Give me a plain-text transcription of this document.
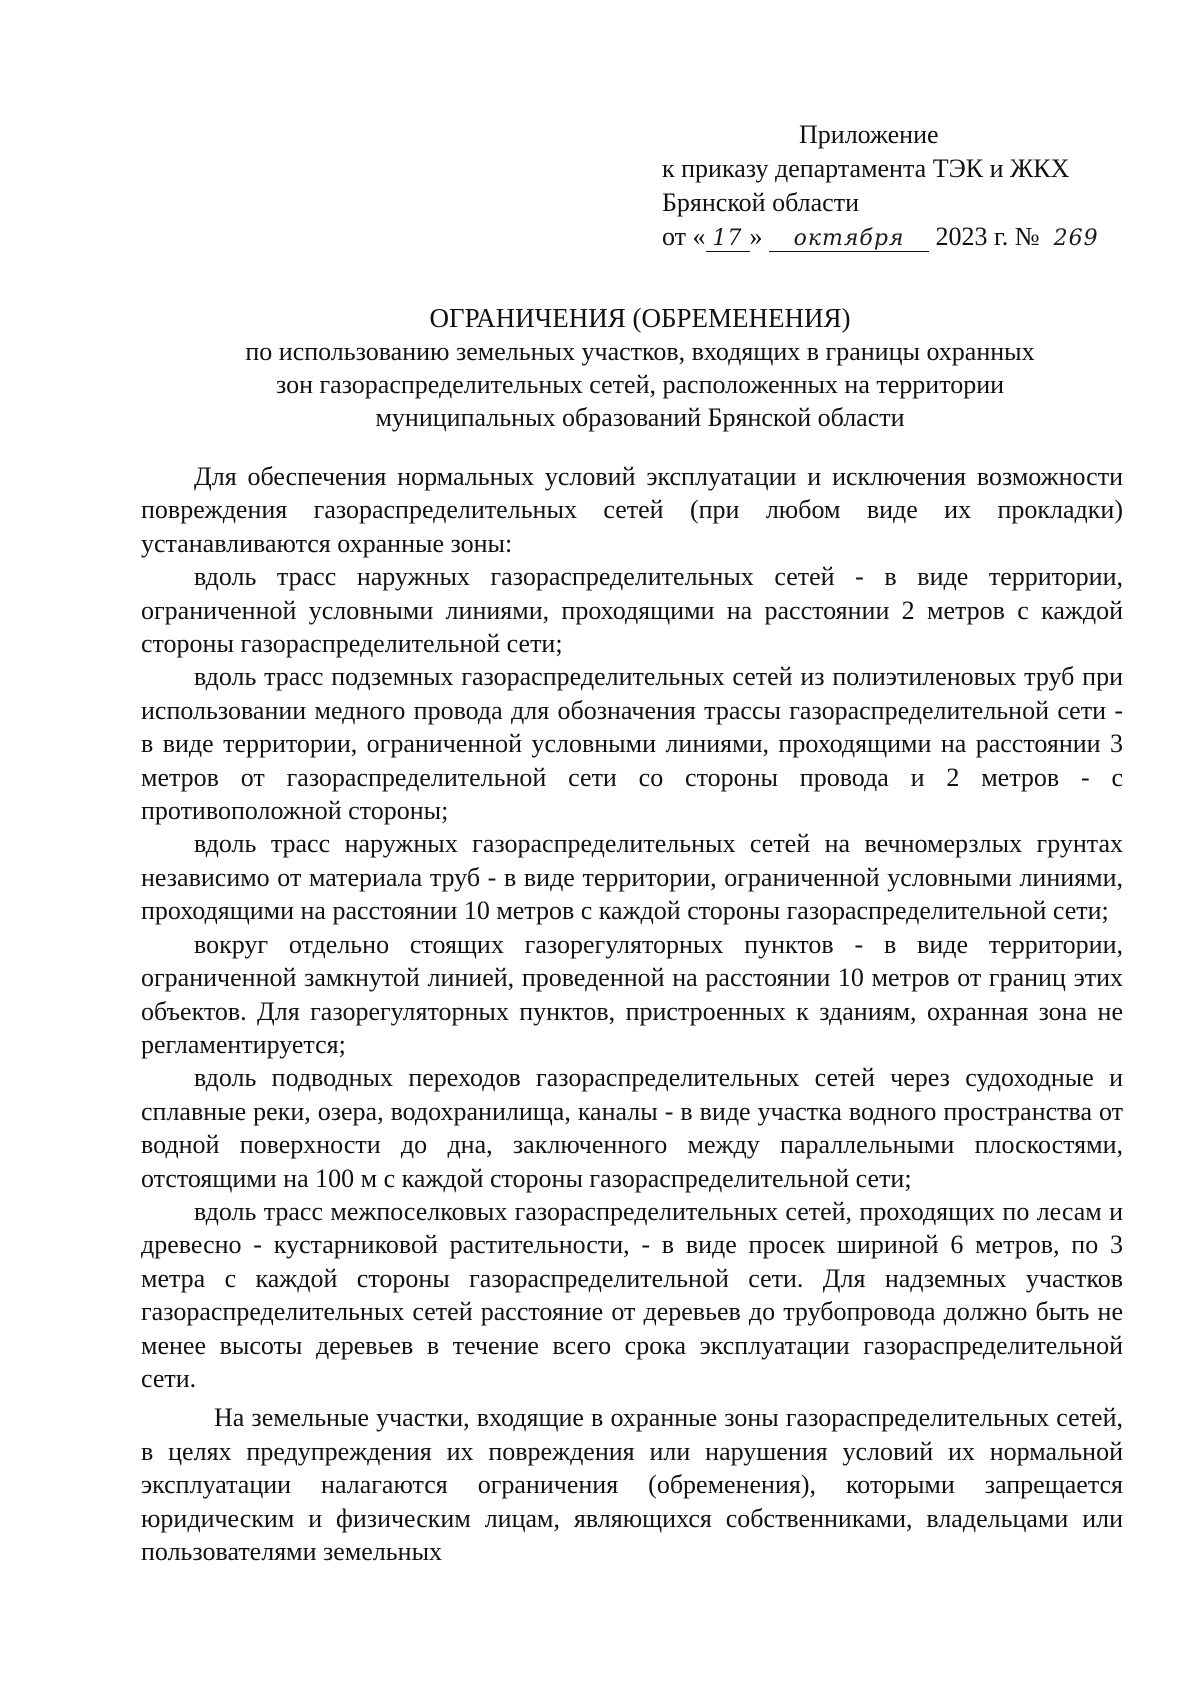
Приложение
к приказу департамента ТЭК и ЖКХ
Брянской области
от « 17 » октября 2023 г. № 269
ОГРАНИЧЕНИЯ (ОБРЕМЕНЕНИЯ)
по использованию земельных участков, входящих в границы охранных
зон газораспределительных сетей, расположенных на территории
муниципальных образований Брянской области

Для обеспечения нормальных условий эксплуатации и исключения возможности повреждения газораспределительных сетей (при любом виде их прокладки) устанавливаются охранные зоны:

вдоль трасс наружных газораспределительных сетей - в виде территории, ограниченной условными линиями, проходящими на расстоянии 2 метров с каждой стороны газораспределительной сети;

вдоль трасс подземных газораспределительных сетей из полиэтиленовых труб при использовании медного провода для обозначения трассы газораспределительной сети - в виде территории, ограниченной условными линиями, проходящими на расстоянии 3 метров от газораспределительной сети со стороны провода и 2 метров - с противоположной стороны;

вдоль трасс наружных газораспределительных сетей на вечномерзлых грунтах независимо от материала труб - в виде территории, ограниченной условными линиями, проходящими на расстоянии 10 метров с каждой стороны газораспределительной сети;

вокруг отдельно стоящих газорегуляторных пунктов - в виде территории, ограниченной замкнутой линией, проведенной на расстоянии 10 метров от границ этих объектов. Для газорегуляторных пунктов, пристроенных к зданиям, охранная зона не регламентируется;

вдоль подводных переходов газораспределительных сетей через судоходные и сплавные реки, озера, водохранилища, каналы - в виде участка водного пространства от водной поверхности до дна, заключенного между параллельными плоскостями, отстоящими на 100 м с каждой стороны газораспределительной сети;

вдоль трасс межпоселковых газораспределительных сетей, проходящих по лесам и древесно - кустарниковой растительности, - в виде просек шириной 6 метров, по 3 метра с каждой стороны газораспределительной сети. Для надземных участков газораспределительных сетей расстояние от деревьев до трубопровода должно быть не менее высоты деревьев в течение всего срока эксплуатации газораспределительной сети.

На земельные участки, входящие в охранные зоны газораспределительных сетей, в целях предупреждения их повреждения или нарушения условий их нормальной эксплуатации налагаются ограничения (обременения), которыми запрещается юридическим и физическим лицам, являющихся собственниками, владельцами или пользователями земельных
